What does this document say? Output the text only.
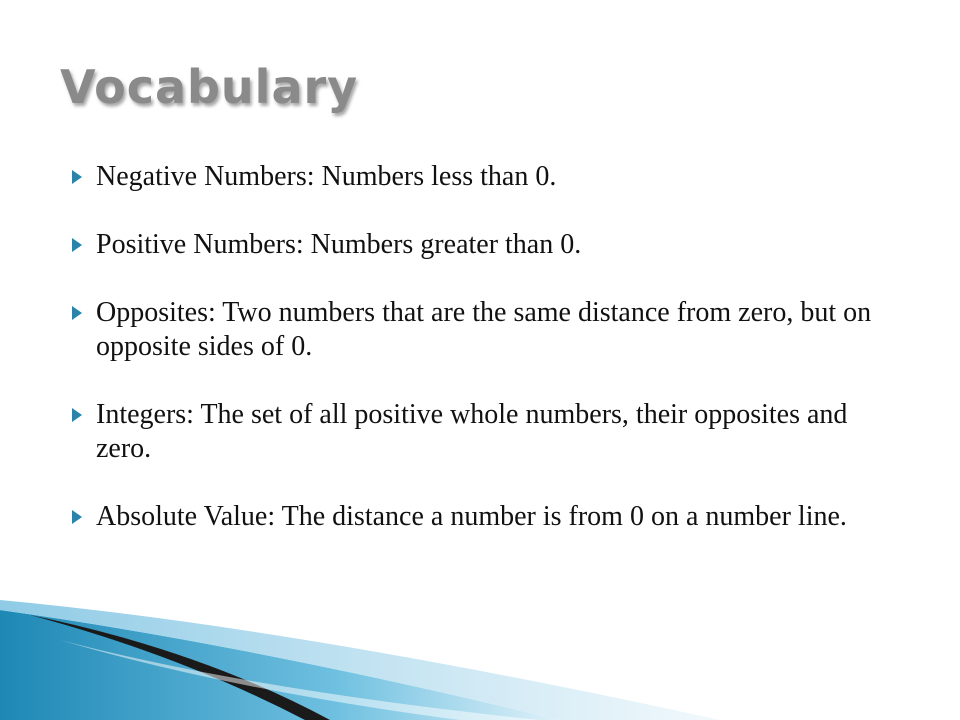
Vocabulary
Negative Numbers: Numbers less than 0.
Positive Numbers: Numbers greater than 0.
Opposites: Two numbers that are the same distance from zero, but on opposite sides of 0.
Integers: The set of all positive whole numbers, their opposites and zero.
Absolute Value: The distance a number is from 0 on a number line.
